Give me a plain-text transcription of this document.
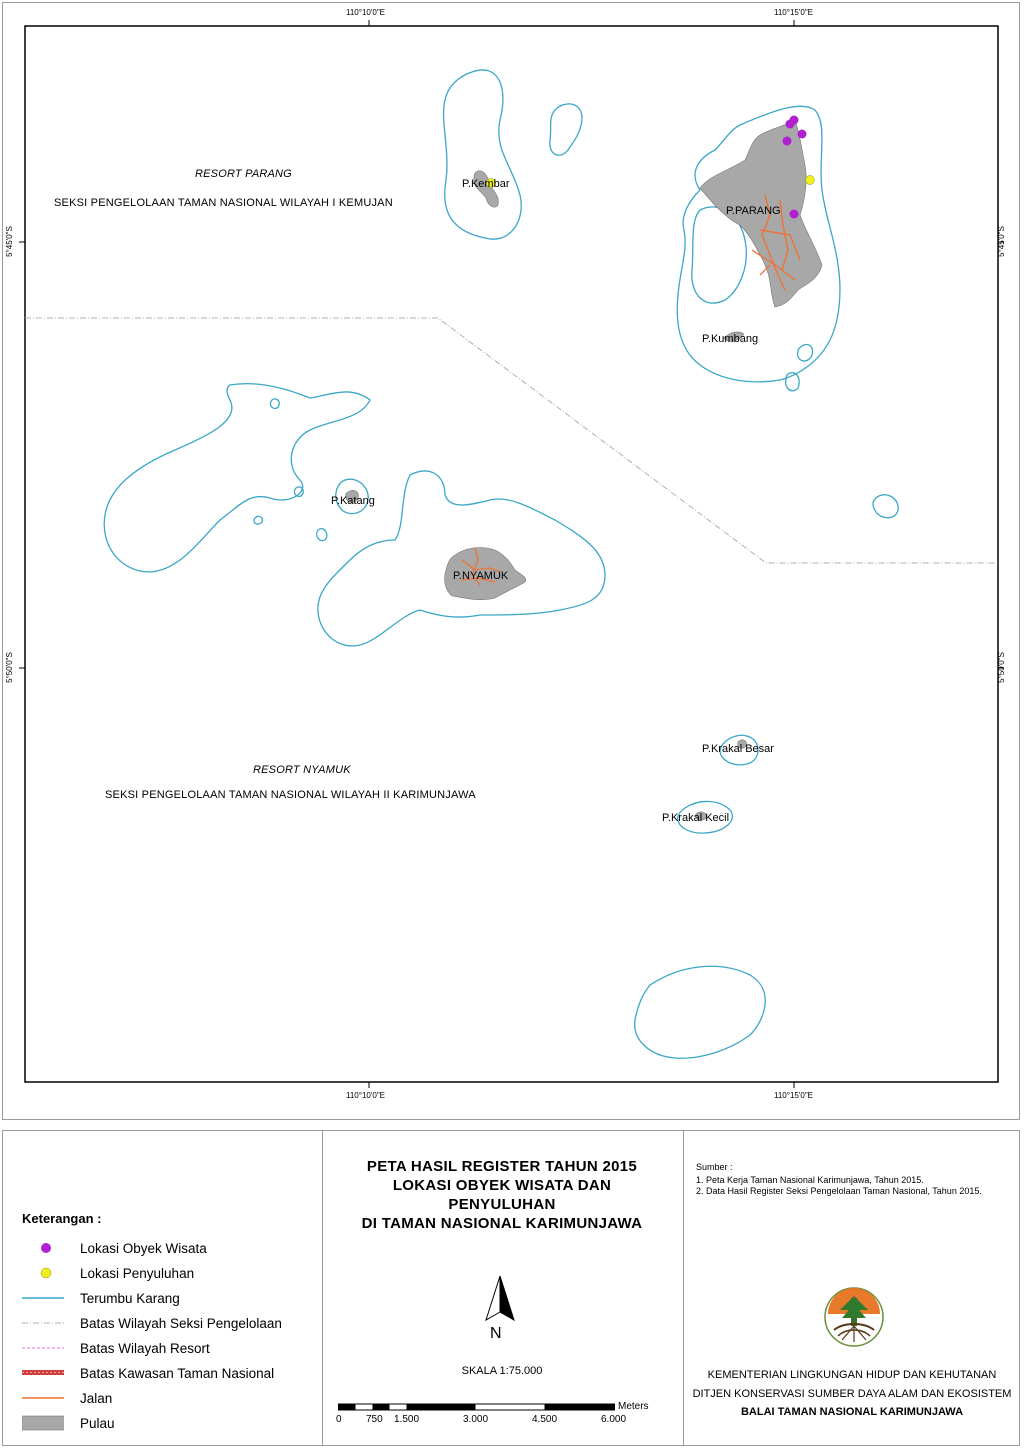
110°10'0"E	110°15'0"E
110°10'0"E	110°15'0"E
5°45'0"S
5°50'0"S
5°45'0"S
5°50'0"S
RESORT PARANG
SEKSI PENGELOLAAN TAMAN NASIONAL WILAYAH I KEMUJAN
RESORT NYAMUK
SEKSI PENGELOLAAN TAMAN NASIONAL WILAYAH II KARIMUNJAWA
P.Kembar
P.PARANG
P.Kumbang
P.Katang
P.NYAMUK
P.Krakal Besar
P.Krakal Kecil
Keterangan :
Lokasi Obyek Wisata
Lokasi Penyuluhan
Terumbu Karang
Batas Wilayah Seksi Pengelolaan
Batas Wilayah Resort
Batas Kawasan Taman Nasional
Jalan
Pulau
PETA HASIL REGISTER TAHUN 2015
LOKASI OBYEK WISATA DAN
PENYULUHAN
DI TAMAN NASIONAL KARIMUNJAWA
N
SKALA 1:75.000
Meters
0 750 1.500	3.000	4.500	6.000
Sumber :
1. Peta Kerja Taman Nasional Karimunjawa, Tahun 2015.
2. Data Hasil Register Seksi Pengelolaan Taman Nasional, Tahun 2015.
KEMENTERIAN LINGKUNGAN HIDUP DAN KEHUTANAN
DITJEN KONSERVASI SUMBER DAYA ALAM DAN EKOSISTEM
BALAI TAMAN NASIONAL KARIMUNJAWA
